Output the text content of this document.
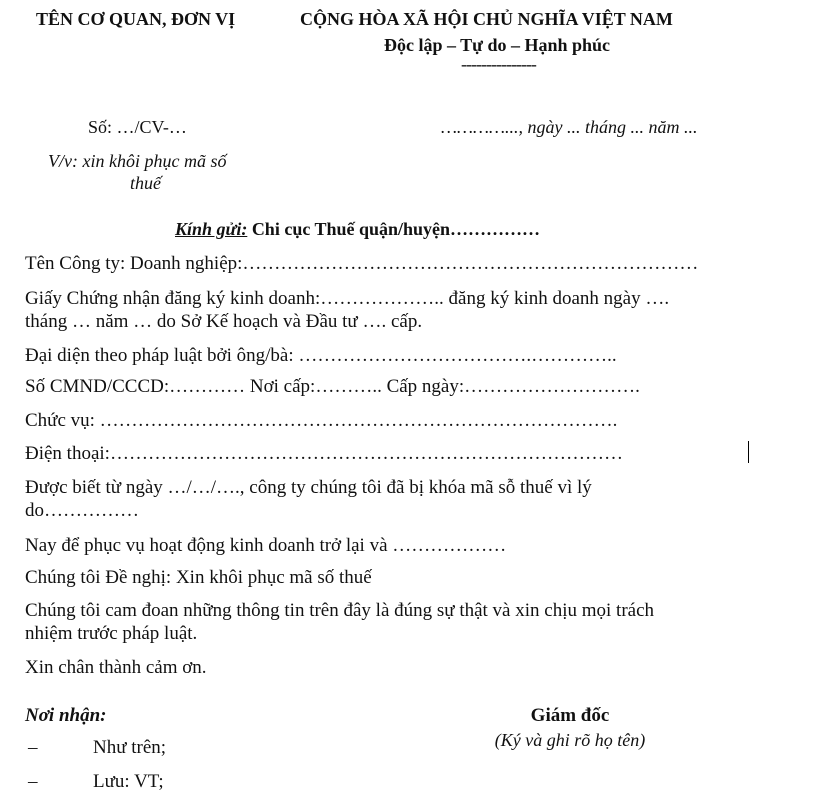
TÊN CƠ QUAN, ĐƠN VỊ	CỘNG HÒA XÃ HỘI CHỦ NGHĨA VIỆT NAM
Độc lập – Tự do – Hạnh phúc
---------------
Số: …/CV-…	…………..., ngày ... tháng ... năm ...
V/v: xin khôi phục mã số
thuế
Kính gửi: Chi cục Thuế quận/huyện……………
Tên Công ty: Doanh nghiệp:………………………………………………………………
Giấy Chứng nhận đăng ký kinh doanh:……………….. đăng ký kinh doanh ngày ….
tháng … năm … do Sở Kế hoạch và Đầu tư …. cấp.
Đại diện theo pháp luật bởi ông/bà: ……………………………….…………..
Số CMND/CCCD:………… Nơi cấp:……….. Cấp ngày:……………………….
Chức vụ: ……………………………………………………………………….
Điện thoại:………………………………………………………………………
Được biết từ ngày …/…/…., công ty chúng tôi đã bị khóa mã sỗ thuế vì lý
do……………
Nay để phục vụ hoạt động kinh doanh trở lại và ………………
Chúng tôi Đề nghị: Xin khôi phục mã số thuế
Chúng tôi cam đoan những thông tin trên đây là đúng sự thật và xin chịu mọi trách
nhiệm trước pháp luật.
Xin chân thành cảm ơn.
Nơi nhận:
–	Như trên;
–	Lưu: VT;
Giám đốc
(Ký và ghi rõ họ tên)
